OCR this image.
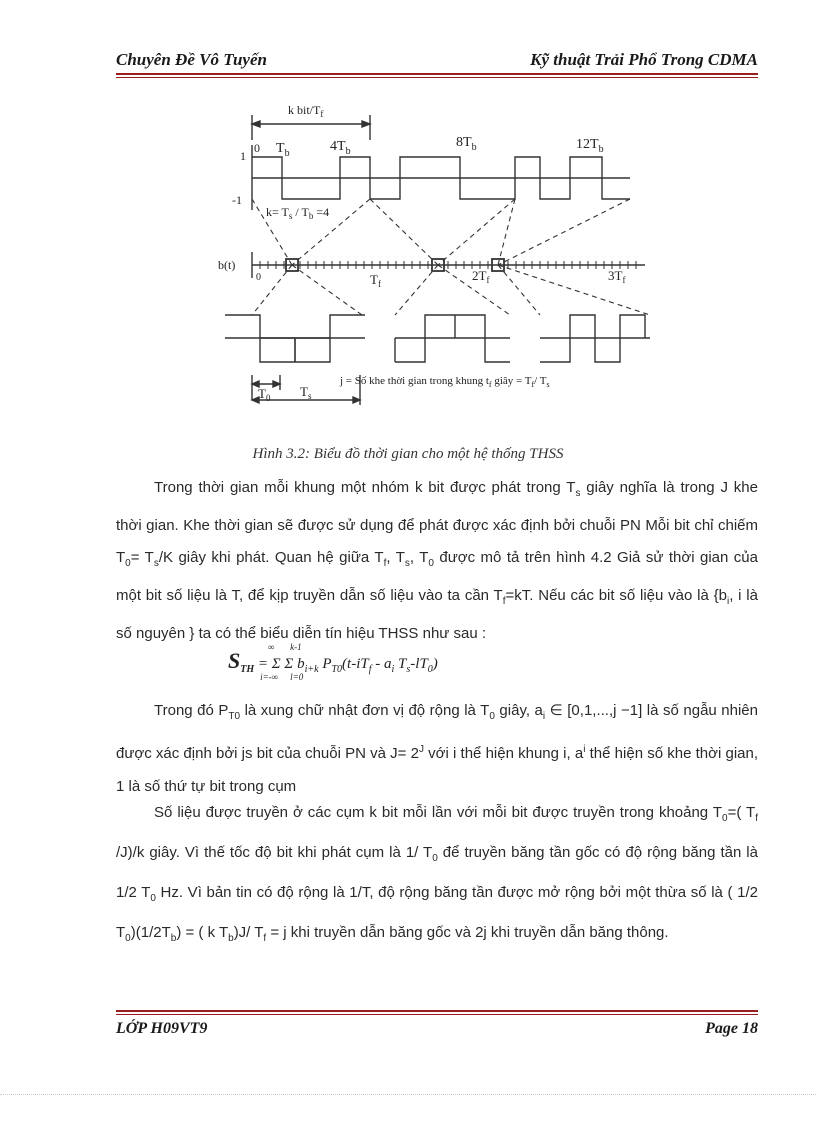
Chuyên Đề Vô Tuyến	Kỹ thuật Trải Phổ Trong CDMA
k bit/$T_f$
1
-1
0 $T_b$	$4T_b$
$8T_b$	$12T_b$
$k= T_s / T_b =4$
b(t)
0	$T_f$
$2T_f$	$3T_f$
j = Số khe thời gian trong khung $t_f$ giây = $T_f/$ $T_s$
$T_0$ $T_s$
Hình 3.2: Biểu đồ thời gian cho một hệ thống THSS
Trong thời gian mỗi khung một nhóm k bit được phát trong $T_s$ giây nghĩa là trong J khe thời gian. Khe thời gian sẽ được sử dụng để phát được xác định bởi chuỗi PN Mỗi bit chỉ chiếm $T_0= T_s/K$ giây khi phát. Quan hệ giữa $T_f$, $T_s$, $T_0$ được mô tả trên hình 4.2 Giả sử thời gian của một bit số liệu là T, để kịp truyền dẫn số liệu vào ta cần $T_f=kT$. Nếu các bit số liệu vào là {$b_i$, i là số nguyên } ta có thể biểu diễn tín hiệu THSS như sau :
$S_{TH} = \Sigma$ Σ b
∞
i=-∞
k-1
l=0
$_{i+k}$ $P_{T0}(t-iT_f - a_i$ $T_s-lT_0$)
Trong đó $P_{T0}$ là xung chữ nhật đơn vị độ rộng là $T_0$ giây, $a_i$ ∈ [0,1,...,j −1] là số ngẫu nhiên được xác định bởi js bit của chuỗi PN và $J= 2^J$ với i thể hiện khung i, $a^i$ thể hiện số khe thời gian, 1 là số thứ tự bit trong cụm
Số liệu được truyền ở các cụm k bit mỗi lần với mỗi bit được truyền trong khoảng $T_0=$( $T_f$ /J)/k giây. Vì thế tốc độ bit khi phát cụm là 1/ $T_0$ để truyền băng tần gốc có độ rộng băng tần là 1/2 $T_0$ Hz. Vì bản tin có độ rộng là 1/T, độ rộng băng tần được mở rộng bởi một thừa số là ( 1/2 $T_0)(1/2T_b)$ = ( k $T_b)J/$ $T_f = j$ khi truyền dẫn băng gốc và 2j khi truyền dẫn băng thông.
LỚP H09VT9	Page 18
